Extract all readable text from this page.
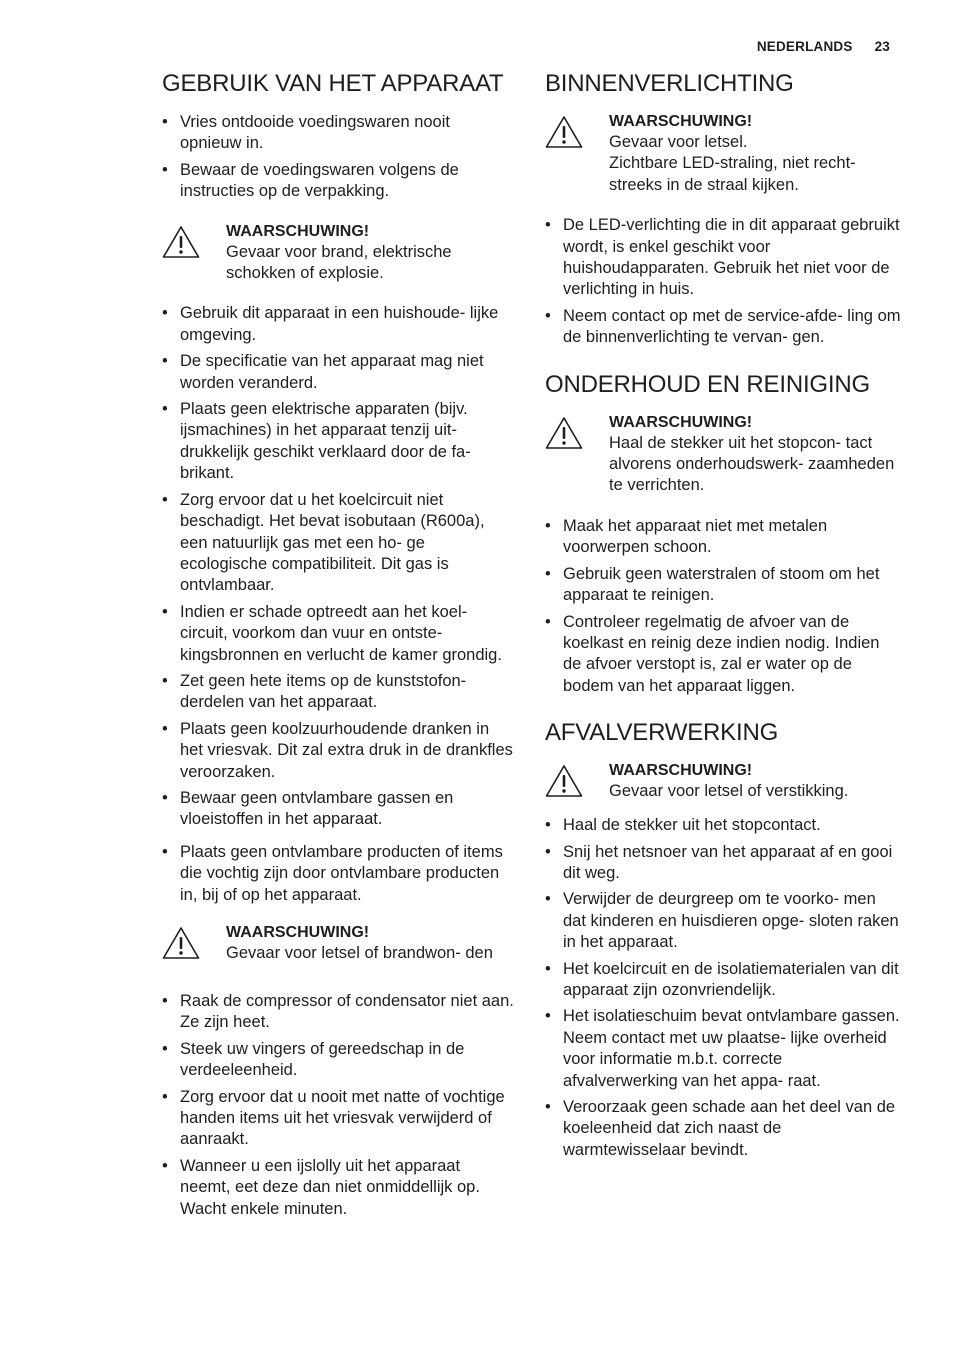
NEDERLANDS 23
GEBRUIK VAN HET APPARAAT
• Vries ontdooide voedingswaren nooit opnieuw in.
• Bewaar de voedingswaren volgens de instructies op de verpakking.
WAARSCHUWING!
Gevaar voor brand, elektrische schokken of explosie.
• Gebruik dit apparaat in een huishoude- lijke omgeving.
• De specificatie van het apparaat mag niet worden veranderd.
• Plaats geen elektrische apparaten (bijv. ijsmachines) in het apparaat tenzij uit- drukkelijk geschikt verklaard door de fa- brikant.
• Zorg ervoor dat u het koelcircuit niet beschadigt. Het bevat isobutaan (R600a), een natuurlijk gas met een ho- ge ecologische compatibiliteit. Dit gas is ontvlambaar.
• Indien er schade optreedt aan het koel- circuit, voorkom dan vuur en ontste- kingsbronnen en verlucht de kamer grondig.
• Zet geen hete items op de kunststofon- derdelen van het apparaat.
• Plaats geen koolzuurhoudende dranken in het vriesvak. Dit zal extra druk in de drankfles veroorzaken.
• Bewaar geen ontvlambare gassen en vloeistoffen in het apparaat.
• Plaats geen ontvlambare producten of items die vochtig zijn door ontvlambare producten in, bij of op het apparaat.
WAARSCHUWING!
Gevaar voor letsel of brandwon- den
• Raak de compressor of condensator niet aan. Ze zijn heet.
• Steek uw vingers of gereedschap in de verdeeleenheid.
• Zorg ervoor dat u nooit met natte of vochtige handen items uit het vriesvak verwijderd of aanraakt.
• Wanneer u een ijslolly uit het apparaat neemt, eet deze dan niet onmiddellijk op. Wacht enkele minuten.
BINNENVERLICHTING
WAARSCHUWING!
Gevaar voor letsel.
Zichtbare LED-straling, niet recht- streeks in de straal kijken.
• De LED-verlichting die in dit apparaat gebruikt wordt, is enkel geschikt voor huishoudapparaten. Gebruik het niet voor de verlichting in huis.
• Neem contact op met de service-afde- ling om de binnenverlichting te vervan- gen.
ONDERHOUD EN REINIGING
WAARSCHUWING!
Haal de stekker uit het stopcon- tact alvorens onderhoudswerk- zaamheden te verrichten.
• Maak het apparaat niet met metalen voorwerpen schoon.
• Gebruik geen waterstralen of stoom om het apparaat te reinigen.
• Controleer regelmatig de afvoer van de koelkast en reinig deze indien nodig. Indien de afvoer verstopt is, zal er water op de bodem van het apparaat liggen.
AFVALVERWERKING
WAARSCHUWING!
Gevaar voor letsel of verstikking.
• Haal de stekker uit het stopcontact.
• Snij het netsnoer van het apparaat af en gooi dit weg.
• Verwijder de deurgreep om te voorko- men dat kinderen en huisdieren opge- sloten raken in het apparaat.
• Het koelcircuit en de isolatiematerialen van dit apparaat zijn ozonvriendelijk.
• Het isolatieschuim bevat ontvlambare gassen. Neem contact met uw plaatse- lijke overheid voor informatie m.b.t. correcte afvalverwerking van het appa- raat.
• Veroorzaak geen schade aan het deel van de koeleenheid dat zich naast de warmtewisselaar bevindt.
